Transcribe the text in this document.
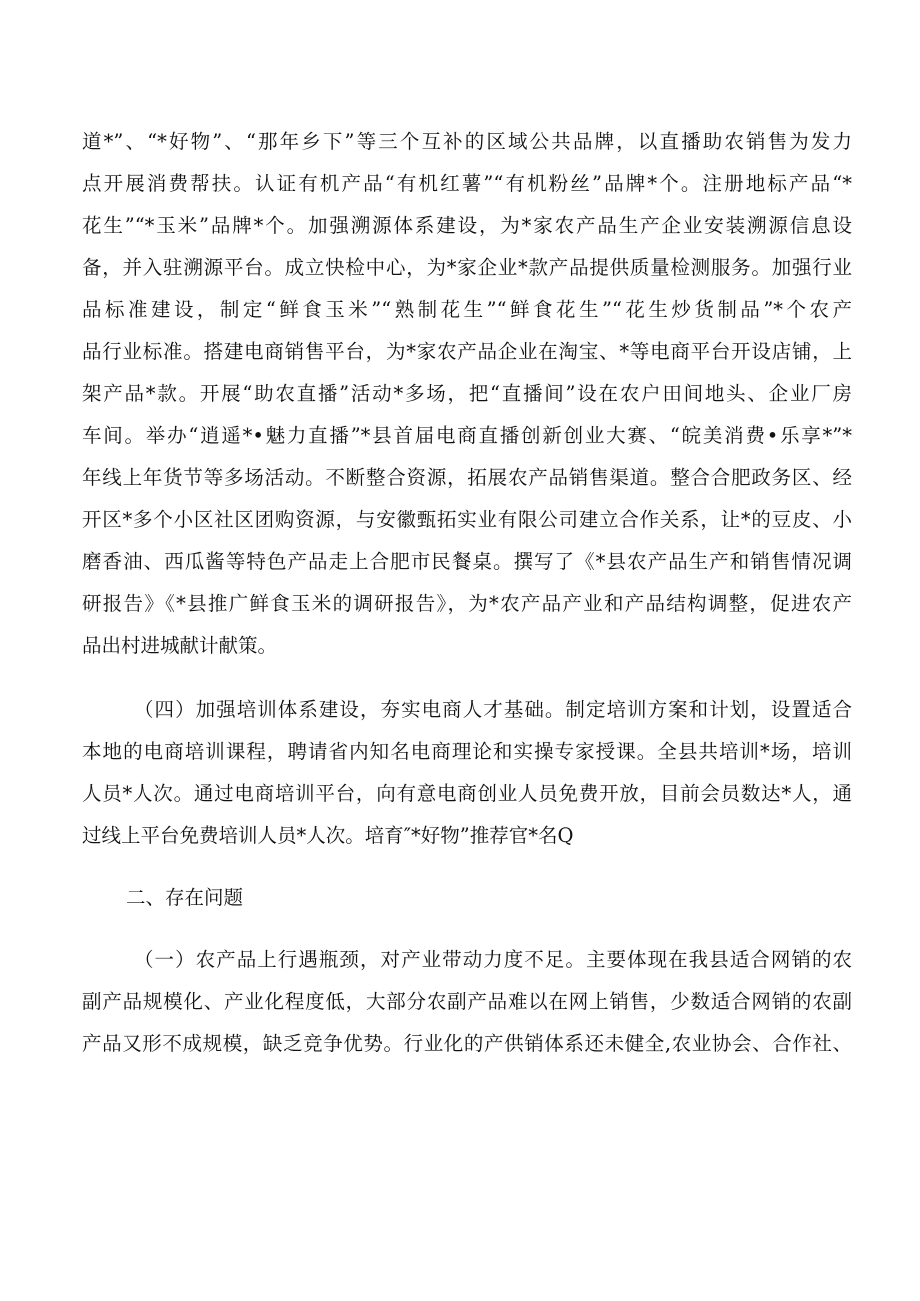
道*”、“*好物”、“那年乡下”等三个互补的区域公共品牌，以直播助农销售为发力
点开展消费帮扶。认证有机产品“有机红薯”“有机粉丝”品牌*个。注册地标产品“*
花生”“*玉米”品牌*个。加强溯源体系建设，为*家农产品生产企业安装溯源信息设
备，并入驻溯源平台。成立快检中心，为*家企业*款产品提供质量检测服务。加强行业
品标准建设，制定“鲜食玉米”“熟制花生”“鲜食花生”“花生炒货制品”*个农产
品行业标准。搭建电商销售平台，为*家农产品企业在淘宝、*等电商平台开设店铺，上
架产品*款。开展“助农直播”活动*多场，把“直播间”设在农户田间地头、企业厂房
车间。举办“逍遥*•魅力直播”*县首届电商直播创新创业大赛、“皖美消费•乐享*”*
年线上年货节等多场活动。不断整合资源，拓展农产品销售渠道。整合合肥政务区、经
开区*多个小区社区团购资源，与安徽甄拓实业有限公司建立合作关系，让*的豆皮、小
磨香油、西瓜酱等特色产品走上合肥市民餐桌。撰写了《*县农产品生产和销售情况调
研报告》《*县推广鲜食玉米的调研报告》，为*农产品产业和产品结构调整，促进农产
品出村进城献计献策。
（四）加强培训体系建设，夯实电商人才基础。制定培训方案和计划，设置适合
本地的电商培训课程，聘请省内知名电商理论和实操专家授课。全县共培训*场，培训
人员*人次。通过电商培训平台，向有意电商创业人员免费开放，目前会员数达*人，通
过线上平台免费培训人员*人次。培育″*好物”推荐官*名Q
二、存在问题
（一）农产品上行遇瓶颈，对产业带动力度不足。主要体现在我县适合网销的农
副产品规模化、产业化程度低，大部分农副产品难以在网上销售，少数适合网销的农副
产品又形不成规模，缺乏竞争优势。行业化的产供销体系还未健全,农业协会、合作社、
